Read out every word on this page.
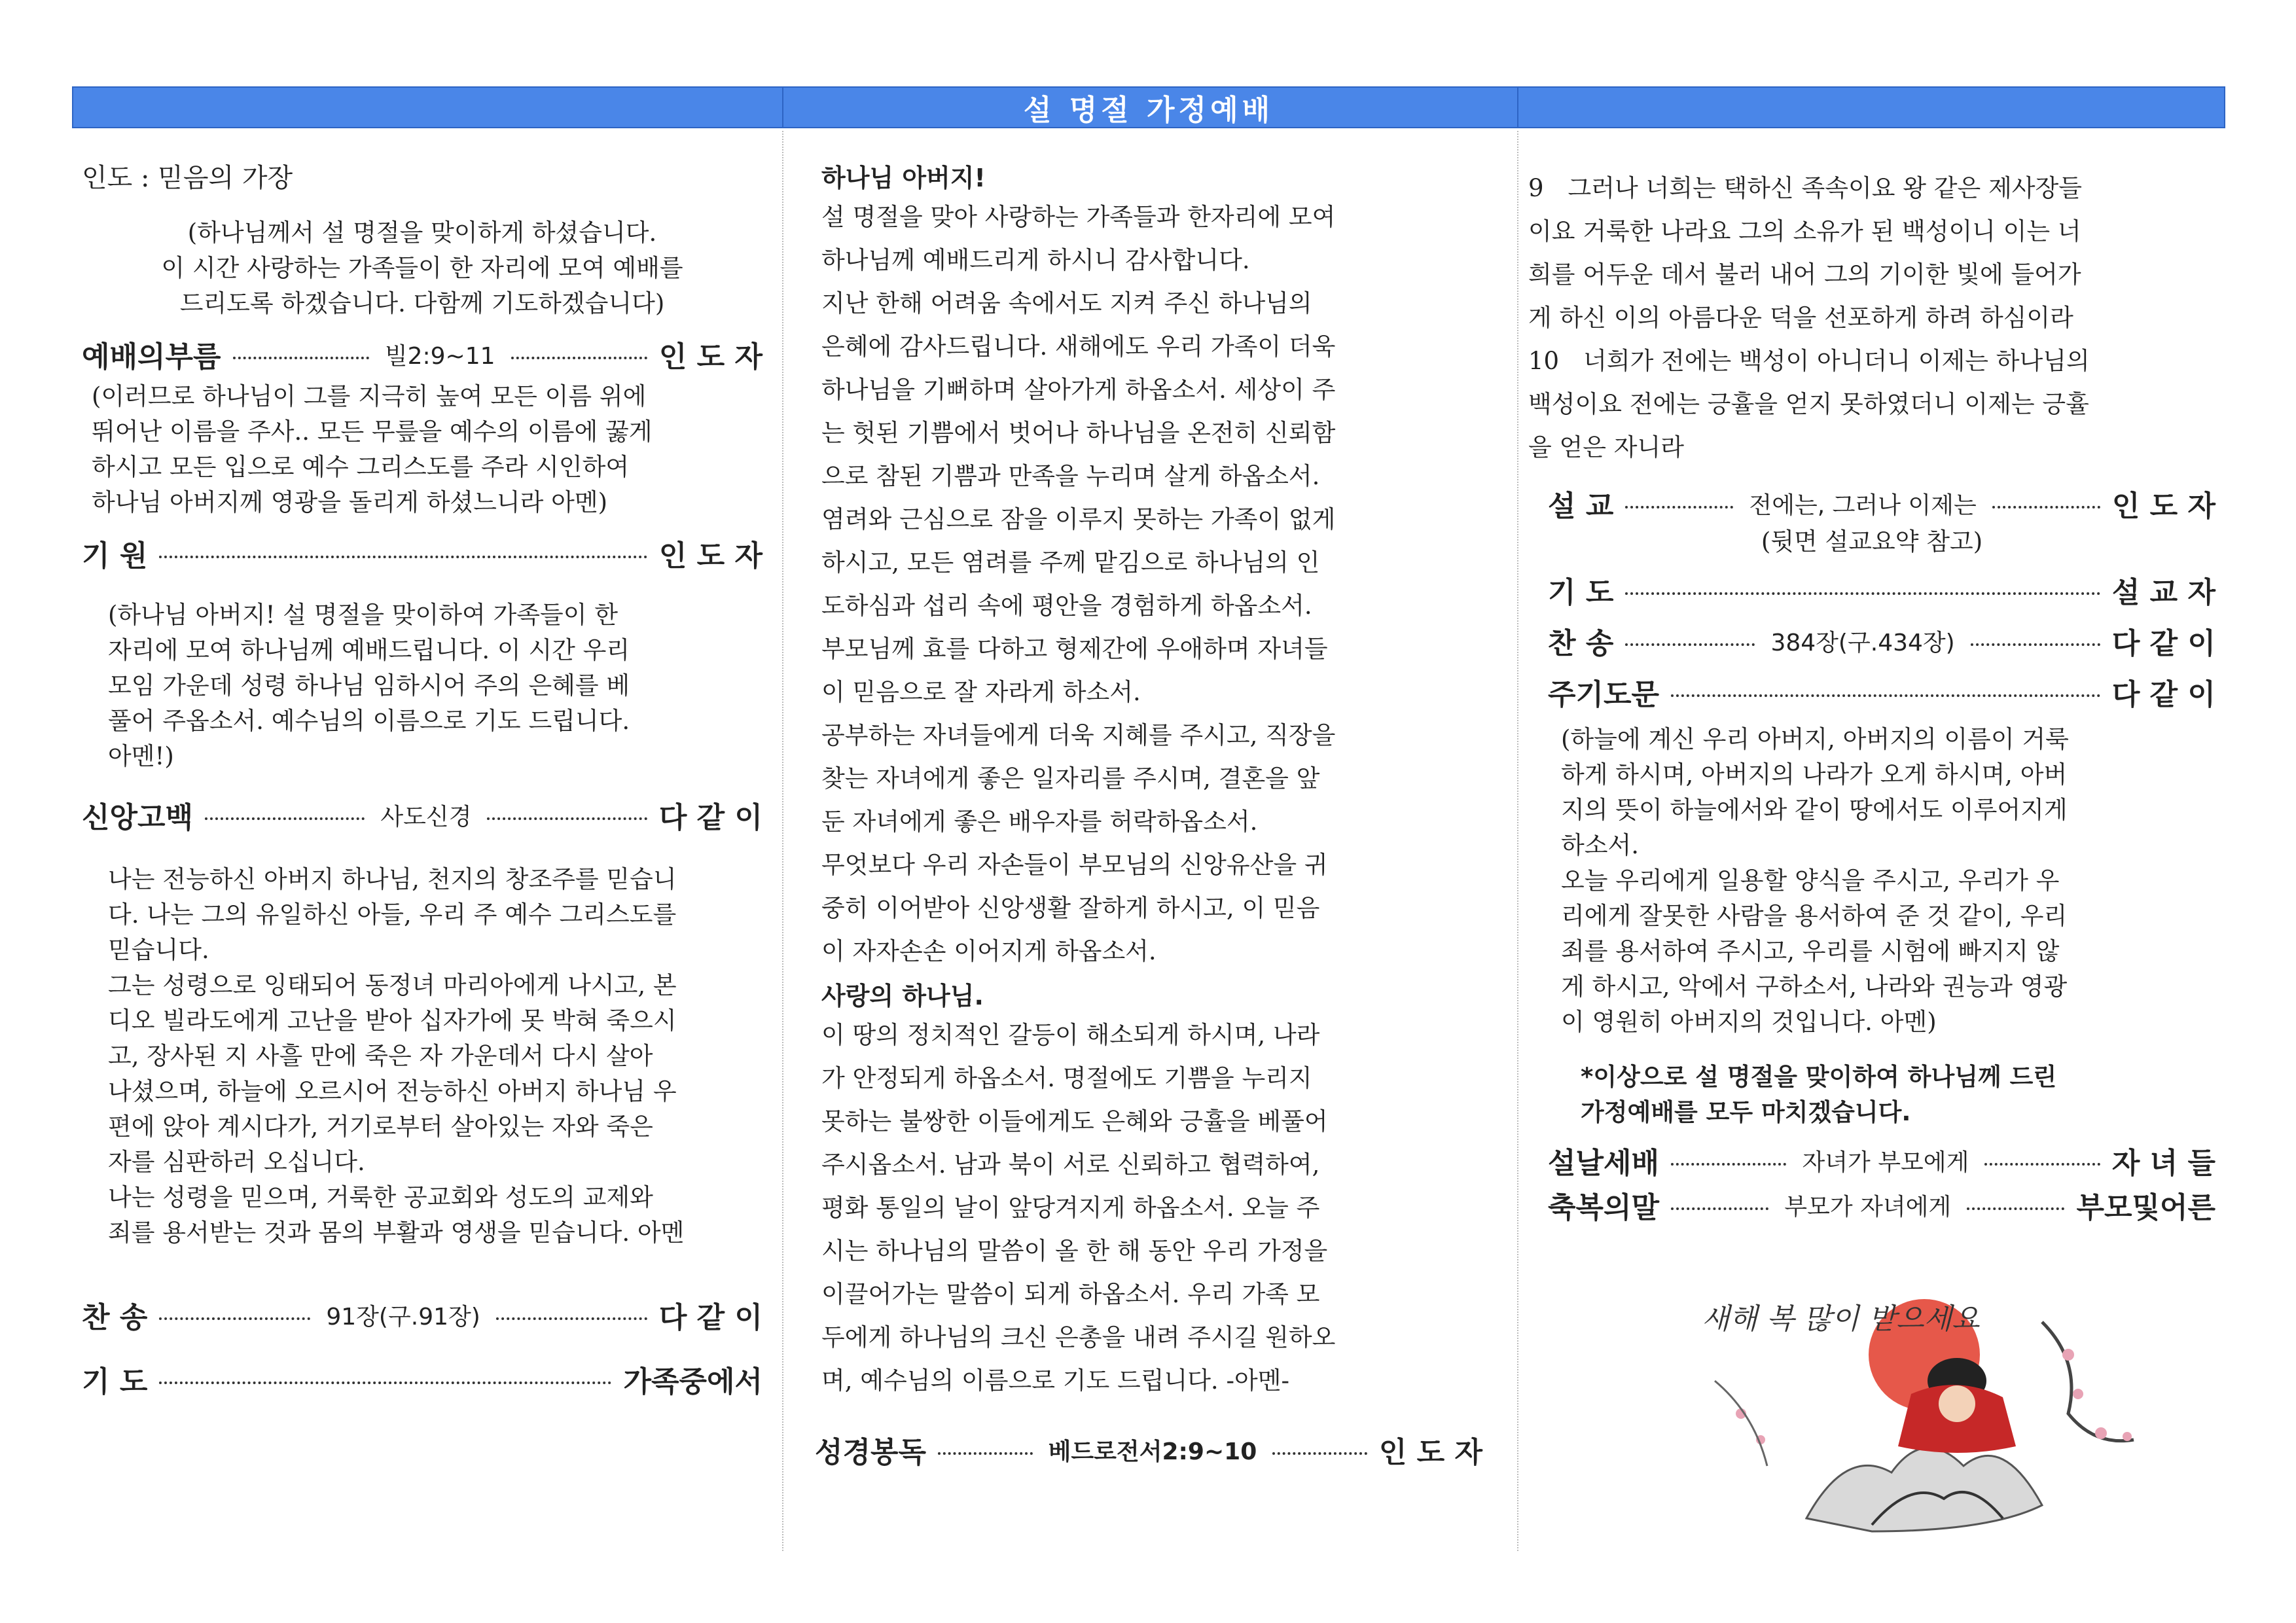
설 명절 가정예배
인도 : 믿음의 가장
(하나님께서 설 명절을 맞이하게 하셨습니다.
이 시간 사랑하는 가족들이 한 자리에 모여 예배를
드리도록 하겠습니다. 다함께 기도하겠습니다)
예배의부름	빌2:9~11	인 도 자
(이러므로 하나님이 그를 지극히 높여 모든 이름 위에
뛰어난 이름을 주사.. 모든 무릎을 예수의 이름에 꿇게
하시고 모든 입으로 예수 그리스도를 주라 시인하여
하나님 아버지께 영광을 돌리게 하셨느니라 아멘)
기 원	인 도 자
(하나님 아버지! 설 명절을 맞이하여 가족들이 한
자리에 모여 하나님께 예배드립니다. 이 시간 우리
모임 가운데 성령 하나님 임하시어 주의 은혜를 베
풀어 주옵소서. 예수님의 이름으로 기도 드립니다.
아멘!)
신앙고백	사도신경	다 같 이
나는 전능하신 아버지 하나님, 천지의 창조주를 믿습니
다. 나는 그의 유일하신 아들, 우리 주 예수 그리스도를
믿습니다.
그는 성령으로 잉태되어 동정녀 마리아에게 나시고, 본
디오 빌라도에게 고난을 받아 십자가에 못 박혀 죽으시
고, 장사된 지 사흘 만에 죽은 자 가운데서 다시 살아
나셨으며, 하늘에 오르시어 전능하신 아버지 하나님 우
편에 앉아 계시다가, 거기로부터 살아있는 자와 죽은
자를 심판하러 오십니다.
나는 성령을 믿으며, 거룩한 공교회와 성도의 교제와
죄를 용서받는 것과 몸의 부활과 영생을 믿습니다. 아멘
찬 송	91장(구.91장)	다 같 이
기 도	가족중에서
하나님 아버지!
설 명절을 맞아 사랑하는 가족들과 한자리에 모여
하나님께 예배드리게 하시니 감사합니다.
지난 한해 어려움 속에서도 지켜 주신 하나님의
은혜에 감사드립니다. 새해에도 우리 가족이 더욱
하나님을 기뻐하며 살아가게 하옵소서. 세상이 주
는 헛된 기쁨에서 벗어나 하나님을 온전히 신뢰함
으로 참된 기쁨과 만족을 누리며 살게 하옵소서.
염려와 근심으로 잠을 이루지 못하는 가족이 없게
하시고, 모든 염려를 주께 맡김으로 하나님의 인
도하심과 섭리 속에 평안을 경험하게 하옵소서.
부모님께 효를 다하고 형제간에 우애하며 자녀들
이 믿음으로 잘 자라게 하소서.
공부하는 자녀들에게 더욱 지혜를 주시고, 직장을
찾는 자녀에게 좋은 일자리를 주시며, 결혼을 앞
둔 자녀에게 좋은 배우자를 허락하옵소서.
무엇보다 우리 자손들이 부모님의 신앙유산을 귀
중히 이어받아 신앙생활 잘하게 하시고, 이 믿음
이 자자손손 이어지게 하옵소서.
사랑의 하나님.
이 땅의 정치적인 갈등이 해소되게 하시며, 나라
가 안정되게 하옵소서. 명절에도 기쁨을 누리지
못하는 불쌍한 이들에게도 은혜와 긍휼을 베풀어
주시옵소서. 남과 북이 서로 신뢰하고 협력하여,
평화 통일의 날이 앞당겨지게 하옵소서. 오늘 주
시는 하나님의 말씀이 올 한 해 동안 우리 가정을
이끌어가는 말씀이 되게 하옵소서. 우리 가족 모
두에게 하나님의 크신 은총을 내려 주시길 원하오
며, 예수님의 이름으로 기도 드립니다. -아멘-
성경봉독	베드로전서2:9~10	인 도 자
9　그러나 너희는 택하신 족속이요 왕 같은 제사장들
이요 거룩한 나라요 그의 소유가 된 백성이니 이는 너
희를 어두운 데서 불러 내어 그의 기이한 빛에 들어가
게 하신 이의 아름다운 덕을 선포하게 하려 하심이라
10　너희가 전에는 백성이 아니더니 이제는 하나님의
백성이요 전에는 긍휼을 얻지 못하였더니 이제는 긍휼
을 얻은 자니라
설 교	전에는, 그러나 이제는	인 도 자
(뒷면 설교요약 참고)
기 도	설 교 자
찬 송	384장(구.434장)	다 같 이
주기도문	다 같 이
(하늘에 계신 우리 아버지, 아버지의 이름이 거룩
하게 하시며, 아버지의 나라가 오게 하시며, 아버
지의 뜻이 하늘에서와 같이 땅에서도 이루어지게
하소서.
오늘 우리에게 일용할 양식을 주시고, 우리가 우
리에게 잘못한 사람을 용서하여 준 것 같이, 우리
죄를 용서하여 주시고, 우리를 시험에 빠지지 않
게 하시고, 악에서 구하소서, 나라와 권능과 영광
이 영원히 아버지의 것입니다. 아멘)
*이상으로 설 명절을 맞이하여 하나님께 드린
가정예배를 모두 마치겠습니다.
설날세배	자녀가 부모에게	자 녀 들
축복의말	부모가 자녀에게	부모및어른
새해 복 많이 받으세요
